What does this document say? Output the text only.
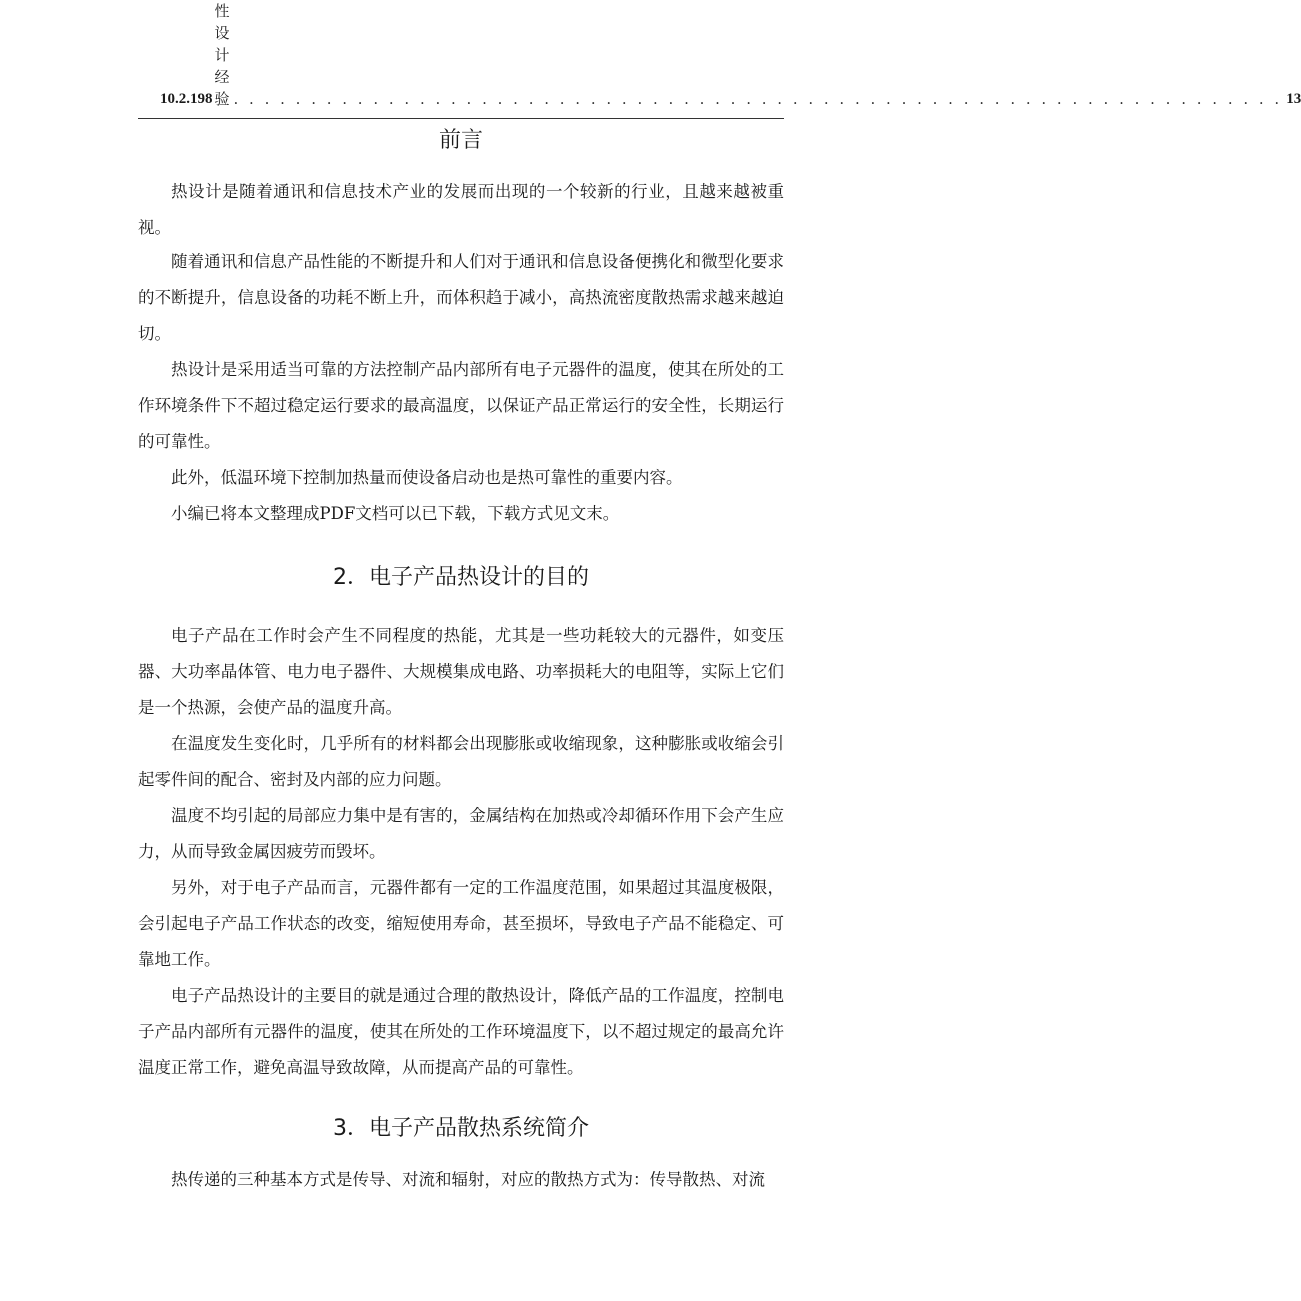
10.2.198
性设计经验 . . . . . . . . . . . . . . . . . . . . . . . . . . . . . . . . . . . . . . . . . . . . . . . . . . . . . . . . . . . . . . . . . . . . 13
前言

热设计是随着通讯和信息技术产业的发展而出现的一个较新的行业，且越来越被重视。

随着通讯和信息产品性能的不断提升和人们对于通讯和信息设备便携化和微型化要求的不断提升，信息设备的功耗不断上升，而体积趋于减小，高热流密度散热需求越来越迫切。

热设计是采用适当可靠的方法控制产品内部所有电子元器件的温度，使其在所处的工作环境条件下不超过稳定运行要求的最高温度，以保证产品正常运行的安全性，长期运行的可靠性。

此外，低温环境下控制加热量而使设备启动也是热可靠性的重要内容。

小编已将本文整理成PDF文档可以已下载，下载方式见文末。

2．电子产品热设计的目的

电子产品在工作时会产生不同程度的热能，尤其是一些功耗较大的元器件，如变压器、大功率晶体管、电力电子器件、大规模集成电路、功率损耗大的电阻等，实际上它们是一个热源，会使产品的温度升高。

在温度发生变化时，几乎所有的材料都会出现膨胀或收缩现象，这种膨胀或收缩会引起零件间的配合、密封及内部的应力问题。

温度不均引起的局部应力集中是有害的，金属结构在加热或冷却循环作用下会产生应力，从而导致金属因疲劳而毁坏。

另外，对于电子产品而言，元器件都有一定的工作温度范围，如果超过其温度极限，会引起电子产品工作状态的改变，缩短使用寿命，甚至损坏，导致电子产品不能稳定、可靠地工作。

电子产品热设计的主要目的就是通过合理的散热设计，降低产品的工作温度，控制电子产品内部所有元器件的温度，使其在所处的工作环境温度下，以不超过规定的最高允许温度正常工作，避免高温导致故障，从而提高产品的可靠性。

3．电子产品散热系统简介

热传递的三种基本方式是传导、对流和辐射，对应的散热方式为：传导散热、对流
